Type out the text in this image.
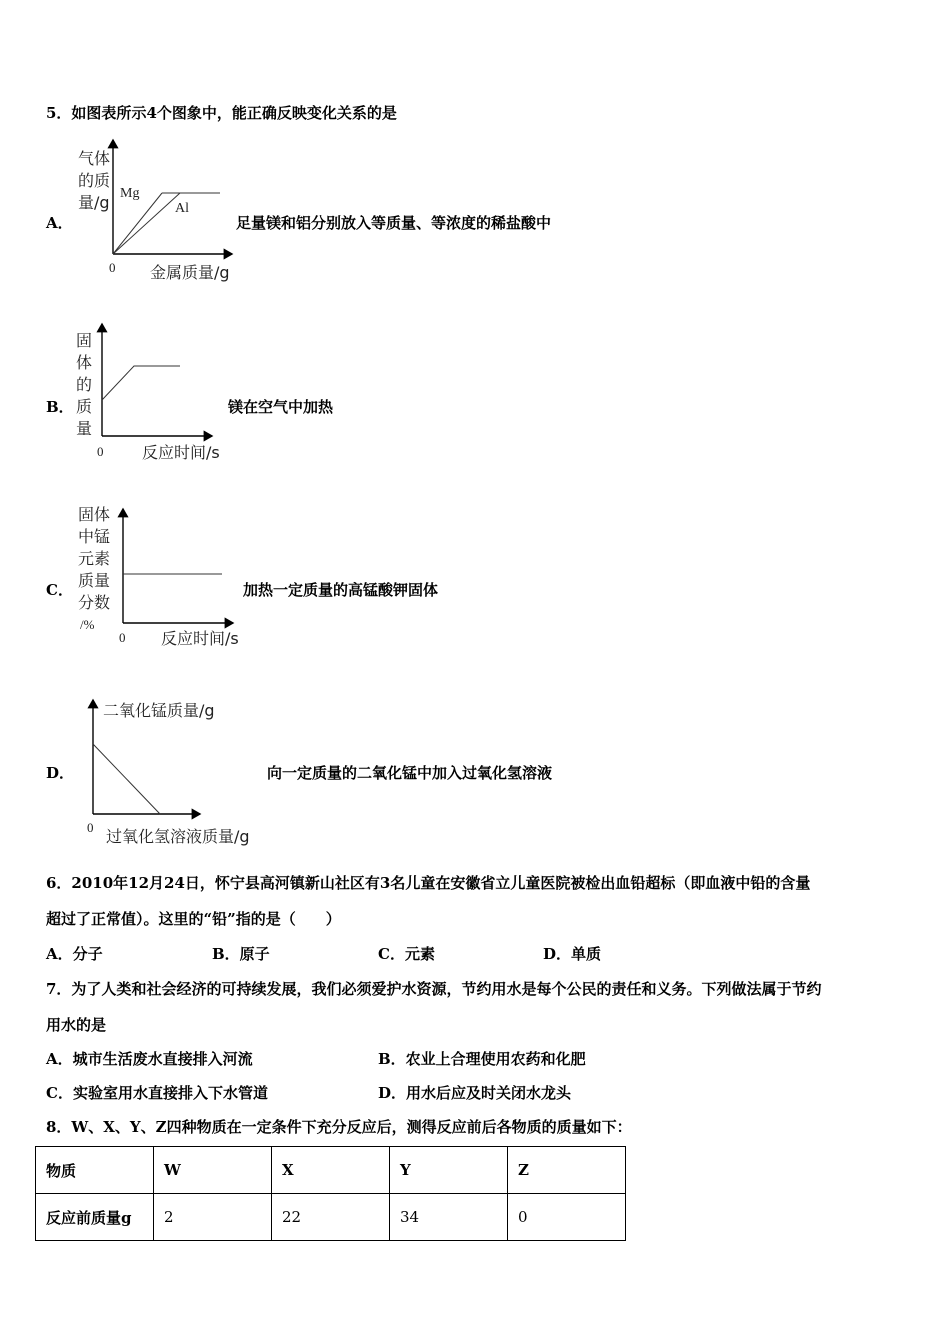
5．如图表所示4个图象中，能正确反映变化关系的是
A．
气体
的质
量/g Mg
Al
0 金属质量/g
足量镁和铝分别放入等质量、等浓度的稀盐酸中
B．
固
体
的
质
量
0 反应时间/s
镁在空气中加热
C．
固体
中锰
元素
质量
分数
/%
0 反应时间/s
加热一定质量的高锰酸钾固体
D．
二氧化锰质量/g
0 过氧化氢溶液质量/g
向一定质量的二氧化锰中加入过氧化氢溶液
6．2010年12月24日，怀宁县高河镇新山社区有3名儿童在安徽省立儿童医院被检出血铅超标（即血液中铅的含量
超过了正常值）。这里的“铅”指的是（　　）
A．分子	B．原子	C．元素	D．单质
7．为了人类和社会经济的可持续发展，我们必须爱护水资源，节约用水是每个公民的责任和义务。下列做法属于节约
用水的是
A．城市生活废水直接排入河流	B．农业上合理使用农药和化肥
C．实验室用水直接排入下水管道	D．用水后应及时关闭水龙头
8．W、X、Y、Z四种物质在一定条件下充分反应后，测得反应前后各物质的质量如下：
物质	W	X	Y	Z
反应前质量g	2	22	34	0
